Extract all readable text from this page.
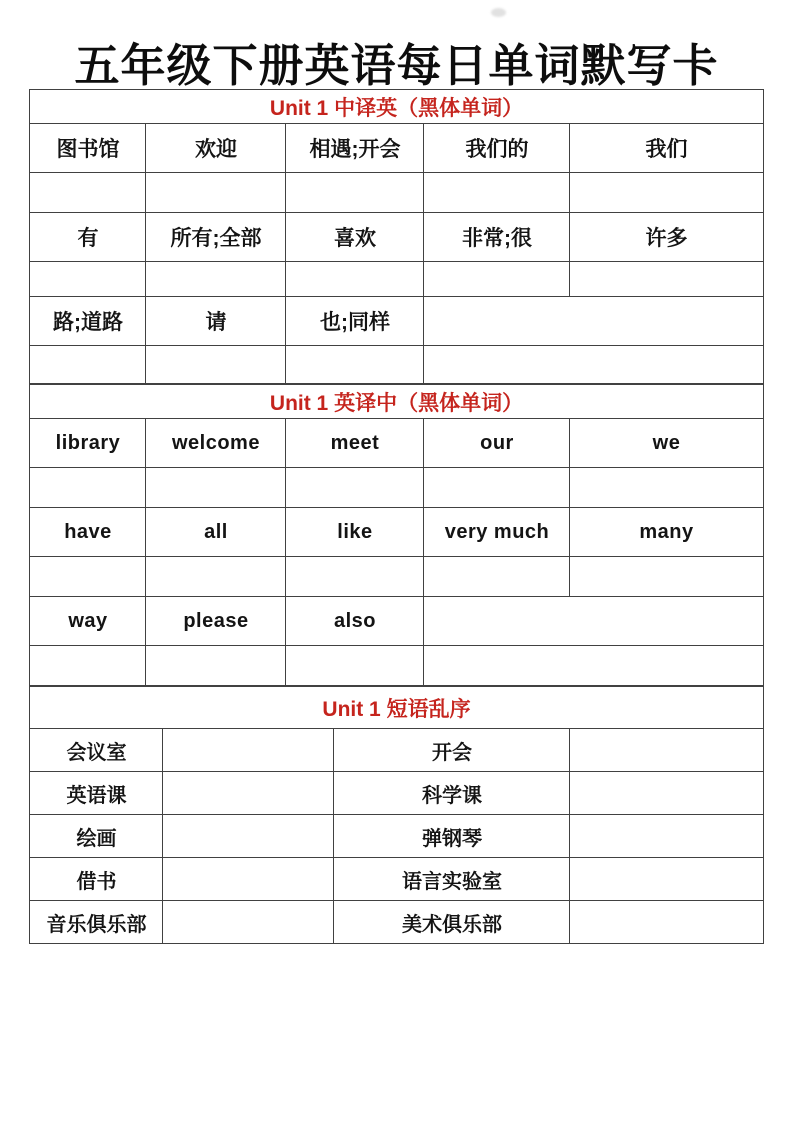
五年级下册英语每日单词默写卡
Unit 1 中译英（黑体单词）				
图书馆	欢迎	相遇;开会	我们的	我们

有	所有;全部	喜欢	非常;很	许多

路;道路	请	也;同样		

Unit 1 英译中（黑体单词）				
library	welcome	meet	our	we

have	all	like	very much	many

way	please	also		

Unit 1 短语乱序			
会议室		开会	
英语课		科学课	
绘画		弹钢琴	
借书		语言实验室	
音乐俱乐部		美术俱乐部	
